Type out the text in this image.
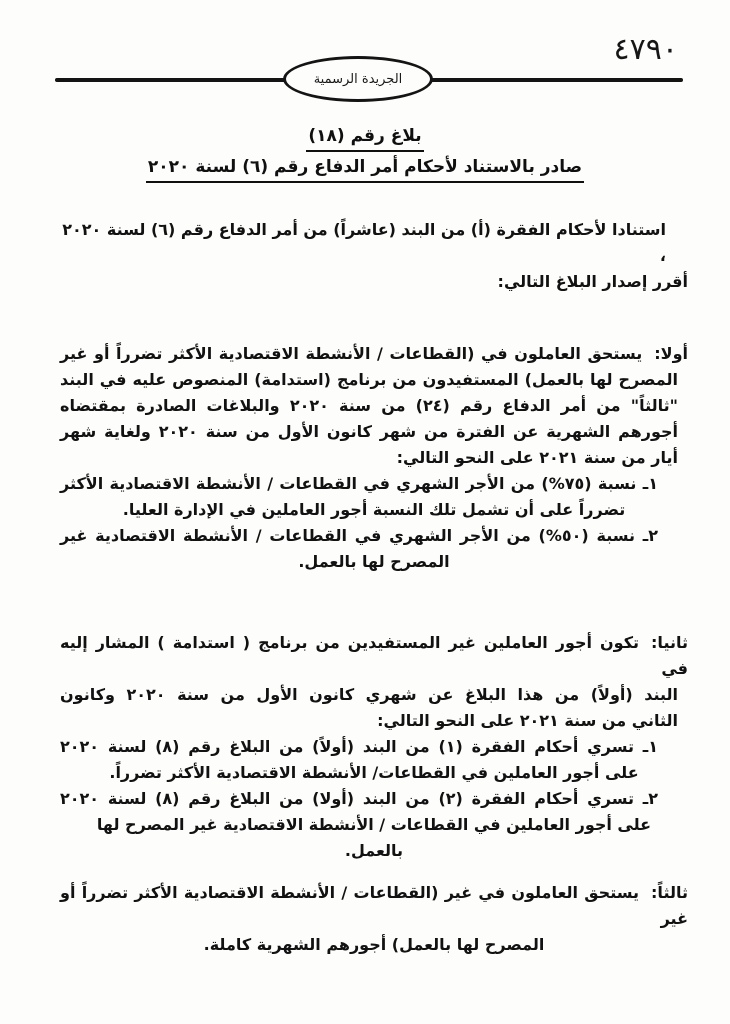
٤٧٩٠
الجريدة الرسمية
بلاغ رقم (١٨)
صادر بالاستناد لأحكام أمر الدفاع رقم (٦) لسنة ٢٠٢٠
استنادا لأحكام الفقرة (أ) من البند (عاشراً) من أمر الدفاع رقم (٦) لسنة ٢٠٢٠ ،
أقرر إصدار البلاغ التالي:
أولا:يستحق العاملون في (القطاعات / الأنشطة الاقتصادية الأكثر تضرراً أو غير
المصرح لها بالعمل) المستفيدون من برنامج (استدامة) المنصوص عليه في البند
"ثالثاً" من أمر الدفاع رقم (٢٤) من سنة ٢٠٢٠ والبلاغات الصادرة بمقتضاه
أجورهم الشهرية عن الفترة من شهر كانون الأول من سنة ٢٠٢٠ ولغاية شهر
أيار من سنة ٢٠٢١ على النحو التالي:
١ـ نسبة (٧٥%) من الأجر الشهري في القطاعات / الأنشطة الاقتصادية الأكثر
تضرراً على أن تشمل تلك النسبة أجور العاملين في الإدارة العليا.
٢ـ نسبة (٥٠%) من الأجر الشهري في القطاعات / الأنشطة الاقتصادية غير
المصرح لها بالعمل.
ثانيا:تكون أجور العاملين غير المستفيدين من برنامج ( استدامة ) المشار إليه في
البند (أولاً) من هذا البلاغ عن شهري كانون الأول من سنة ٢٠٢٠ وكانون
الثاني من سنة ٢٠٢١ على النحو التالي:
١ـ تسري أحكام الفقرة (١) من البند (أولاً) من البلاغ رقم (٨) لسنة ٢٠٢٠
على أجور العاملين في القطاعات/ الأنشطة الاقتصادية الأكثر تضرراً.
٢ـ تسري أحكام الفقرة (٢) من البند (أولا) من البلاغ رقم (٨) لسنة ٢٠٢٠
على أجور العاملين في القطاعات / الأنشطة الاقتصادية غير المصرح لها
بالعمل.
ثالثاً:يستحق العاملون في غير (القطاعات / الأنشطة الاقتصادية الأكثر تضرراً أو غير
المصرح لها بالعمل) أجورهم الشهرية كاملة.
